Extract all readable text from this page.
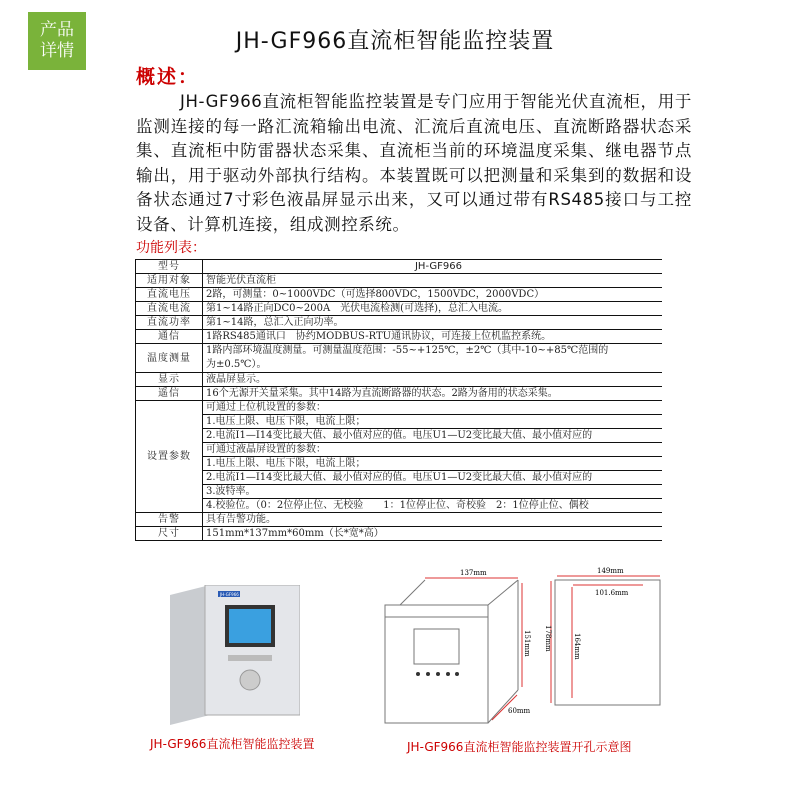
产品
详情	JH-GF966直流柜智能监控装置
概述：
JH-GF966直流柜智能监控装置是专门应用于智能光伏直流柜，用于监测连接的每一路汇流箱输出电流、汇流后直流电压、直流断路器状态采集、直流柜中防雷器状态采集、直流柜当前的环境温度采集、继电器节点输出，用于驱动外部执行结构。本装置既可以把测量和采集到的数据和设备状态通过7寸彩色液晶屏显示出来，又可以通过带有RS485接口与工控设备、计算机连接，组成测控系统。
功能列表：
型号	JH-GF966
适用对象	智能光伏直流柜
直流电压	2路，可测量：0~1000VDC（可选择800VDC，1500VDC，2000VDC）
直流电流	第1~14路正向DC0~200A　光伏电流检测(可选择)，总汇入电流。
直流功率	第1~14路，总汇入正向功率。
通信	1路RS485通讯口　协约MODBUS-RTU通讯协议，可连接上位机监控系统。
温度测量	1路内部环境温度测量。可测量温度范围：-55~+125℃，±2℃（其中-10~+85℃范围的
为±0.5℃）。

显示	液晶屏显示。
遥信	16个无源开关量采集。其中14路为直流断路器的状态。2路为备用的状态采集。
设置参数	可通过上位机设置的参数：
	1.电压上限、电压下限，电流上限；
	2.电流I1—I14变比最大值、最小值对应的值。电压U1—U2变比最大值、最小值对应的
	可通过液晶屏设置的参数：
	1.电压上限、电压下限，电流上限；
	2.电流I1—I14变比最大值、最小值对应的值。电压U1—U2变比最大值、最小值对应的
	3.波特率。
	4.校验位。（0：2位停止位、无校验　　1：1位停止位、奇校验　2：1位停止位、偶校
告警	具有告警功能。
尺寸	151mm*137mm*60mm（长*宽*高）
JH-GF966
JH-GF966直流柜智能监控装置
137mm
151mm
60mm
149mm
178mm
101.6mm
164mm
JH-GF966直流柜智能监控装置开孔示意图
